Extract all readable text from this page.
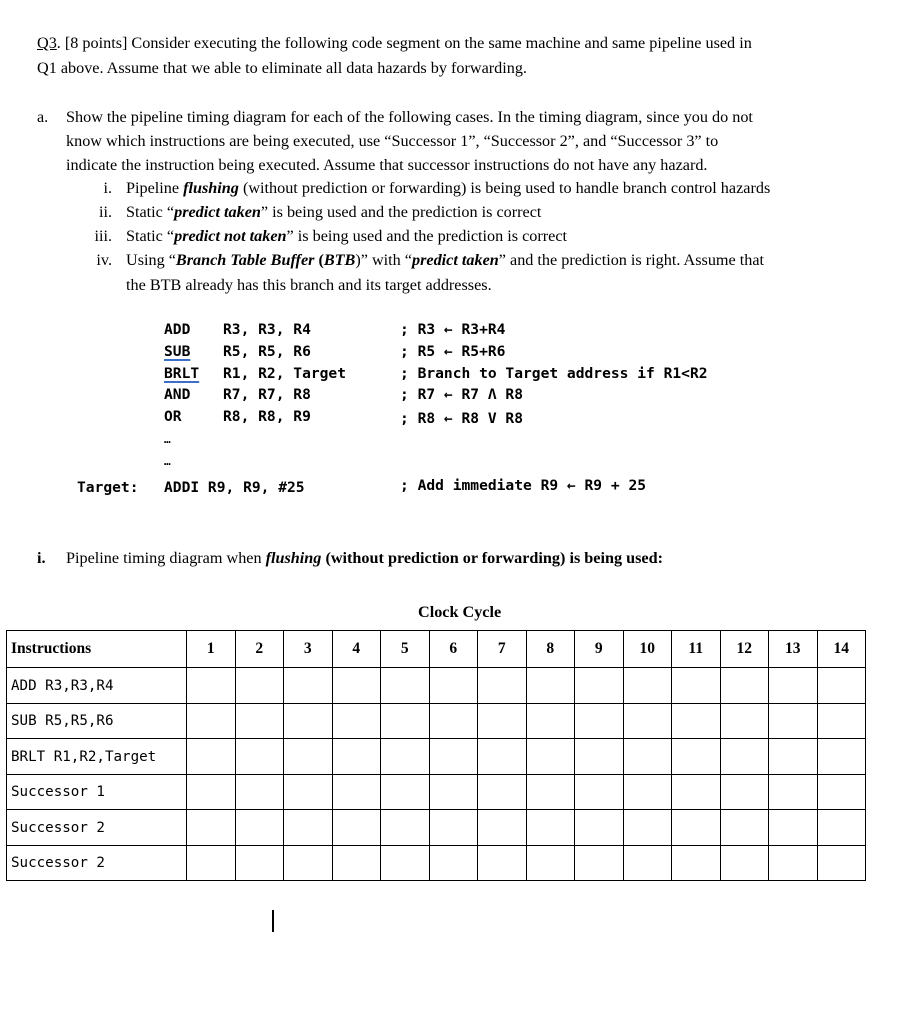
Q3. [8 points] Consider executing the following code segment on the same machine and same pipeline used in
Q1 above. Assume that we able to eliminate all data hazards by forwarding.
a. Show the pipeline timing diagram for each of the following cases. In the timing diagram, since you do not
know which instructions are being executed, use “Successor 1”, “Successor 2”, and “Successor 3” to
indicate the instruction being executed. Assume that successor instructions do not have any hazard.
i. Pipeline flushing (without prediction or forwarding) is being used to handle branch control hazards
ii. Static “predict taken” is being used and the prediction is correct
iii. Static “predict not taken” is being used and the prediction is correct
iv. Using “Branch Table Buffer (BTB)” with “predict taken” and the prediction is right. Assume that
the BTB already has this branch and its target addresses.
ADD R3, R3, R4	; R3 ← R3+R4
SUB R5, R5, R6	; R5 ← R5+R6
BRLT R1, R2, Target	; Branch to Target address if R1<R2
AND R7, R7, R8	; R7 ← R7 Λ R8
OR	R8, R8, R9	; R8 ← R8 V R8
…
…
Target: ADDI R9, R9, #25	; Add immediate R9 ← R9 + 25
i. Pipeline timing diagram when flushing (without prediction or forwarding) is being used:
Clock Cycle
Instructions	1	2	3	4	5	6	7	8	9	10	11	12	13	14
ADD R3,R3,R4														
SUB R5,R5,R6														
BRLT R1,R2,Target														
Successor 1														
Successor 2														
Successor 2														
